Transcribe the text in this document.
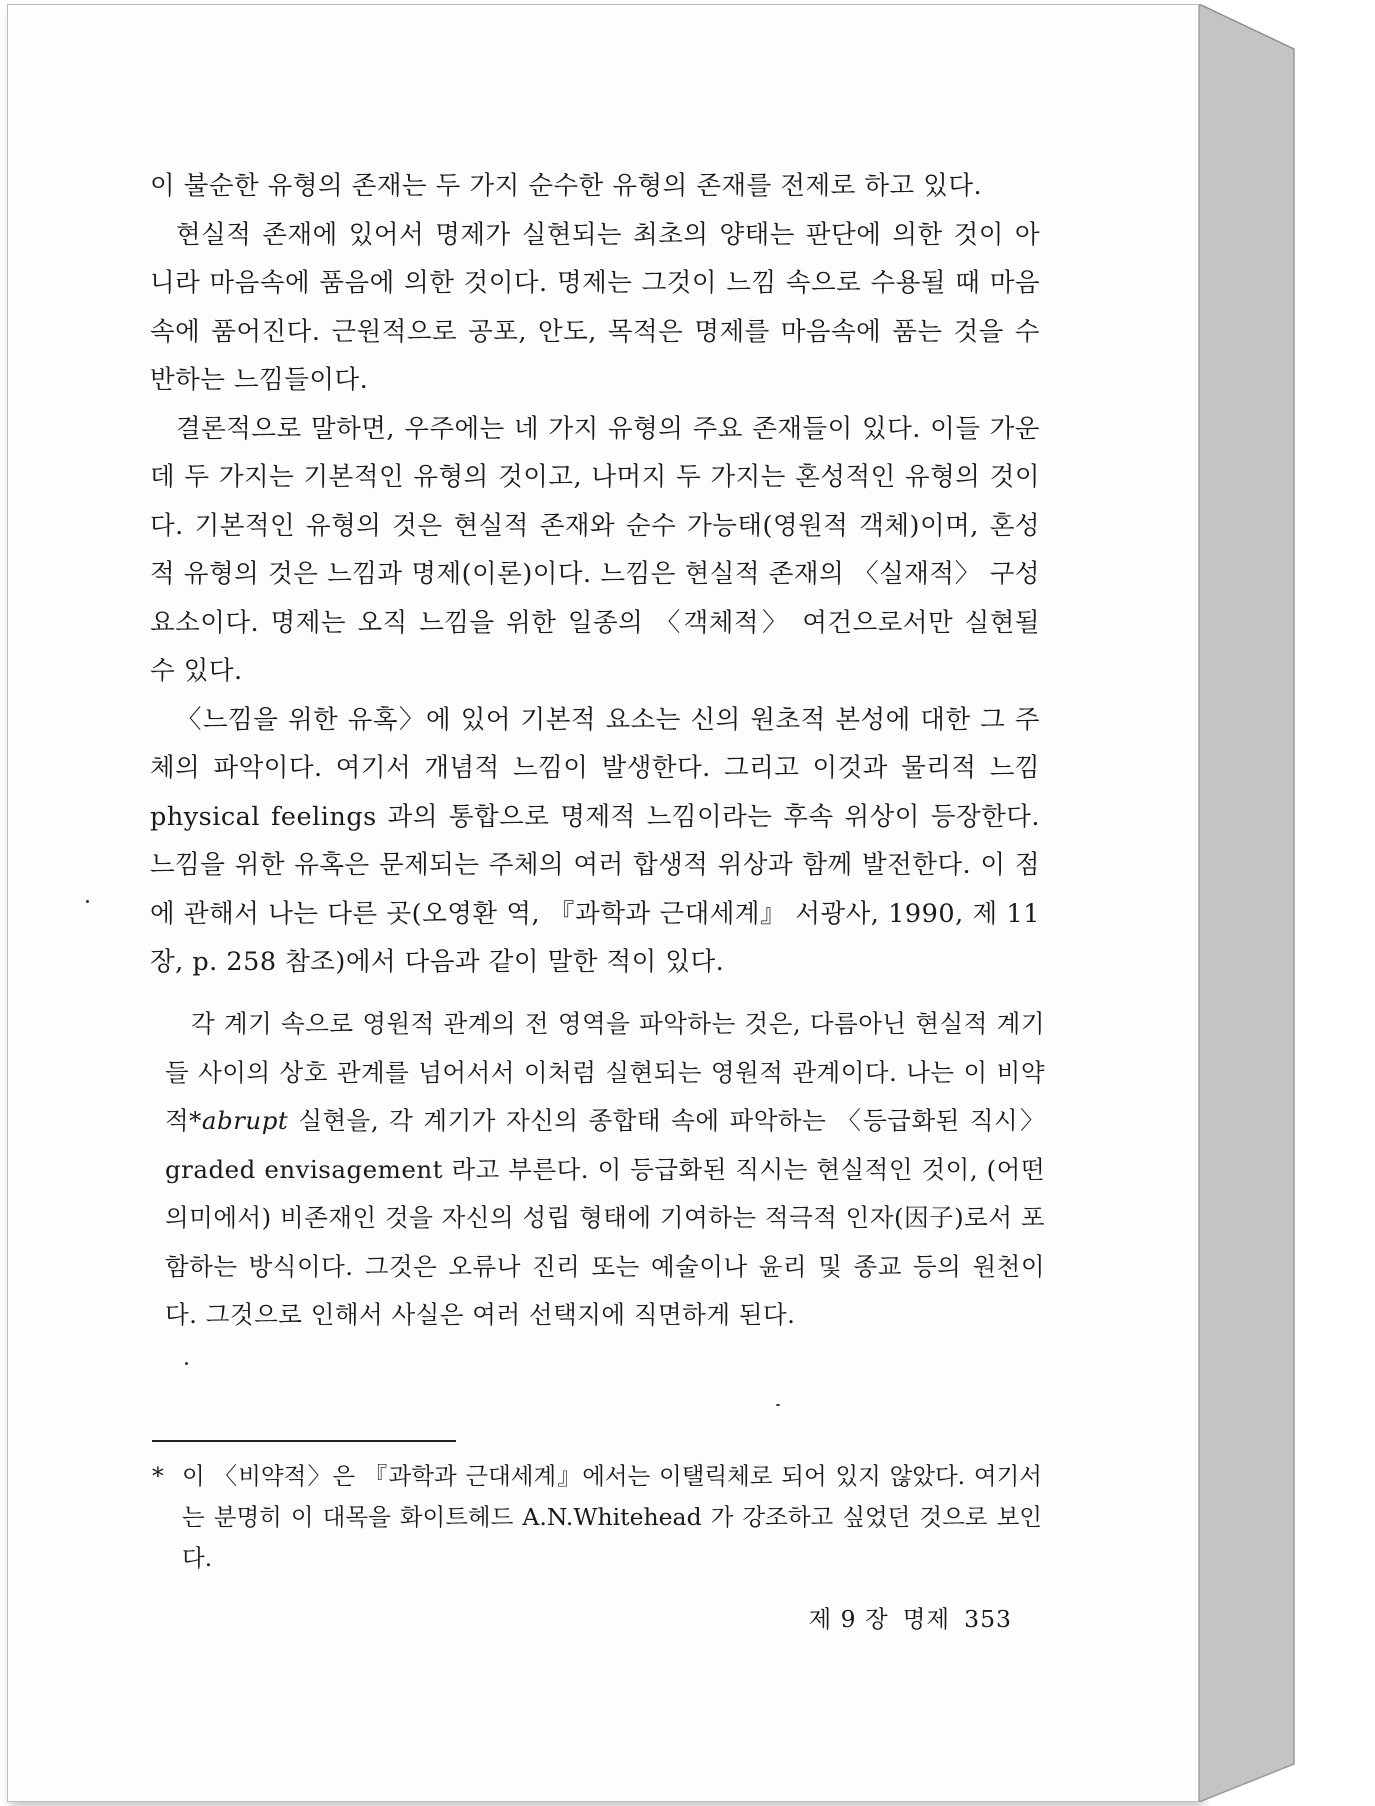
이 불순한 유형의 존재는 두 가지 순수한 유형의 존재를 전제로 하고 있다.

현실적 존재에 있어서 명제가 실현되는 최초의 양태는 판단에 의한 것이 아니라 마음속에 품음에 의한 것이다. 명제는 그것이 느낌 속으로 수용될 때 마음속에 품어진다. 근원적으로 공포, 안도, 목적은 명제를 마음속에 품는 것을 수반하는 느낌들이다.

결론적으로 말하면, 우주에는 네 가지 유형의 주요 존재들이 있다. 이들 가운데 두 가지는 기본적인 유형의 것이고, 나머지 두 가지는 혼성적인 유형의 것이다. 기본적인 유형의 것은 현실적 존재와 순수 가능태(영원적 객체)이며, 혼성적 유형의 것은 느낌과 명제(이론)이다. 느낌은 현실적 존재의 〈실재적〉 구성 요소이다. 명제는 오직 느낌을 위한 일종의 〈객체적〉 여건으로서만 실현될 수 있다.

〈느낌을 위한 유혹〉에 있어 기본적 요소는 신의 원초적 본성에 대한 그 주체의 파악이다. 여기서 개념적 느낌이 발생한다. 그리고 이것과 물리적 느낌 physical feelings 과의 통합으로 명제적 느낌이라는 후속 위상이 등장한다. 느낌을 위한 유혹은 문제되는 주체의 여러 합생적 위상과 함께 발전한다. 이 점에 관해서 나는 다른 곳(오영환 역, 『과학과 근대세계』 서광사, 1990, 제 11 장, p. 258 참조)에서 다음과 같이 말한 적이 있다.

각 계기 속으로 영원적 관계의 전 영역을 파악하는 것은, 다름아닌 현실적 계기들 사이의 상호 관계를 넘어서서 이처럼 실현되는 영원적 관계이다. 나는 이 비약적*abrupt 실현을, 각 계기가 자신의 종합태 속에 파악하는 〈등급화된 직시〉 graded envisagement 라고 부른다. 이 등급화된 직시는 현실적인 것이, (어떤 의미에서) 비존재인 것을 자신의 성립 형태에 기여하는 적극적 인자(因子)로서 포함하는 방식이다. 그것은 오류나 진리 또는 예술이나 윤리 및 종교 등의 원천이다. 그것으로 인해서 사실은 여러 선택지에 직면하게 된다.

* 이 〈비약적〉은 『과학과 근대세계』에서는 이탤릭체로 되어 있지 않았다. 여기서는 분명히 이 대목을 화이트헤드 A.N.Whitehead 가 강조하고 싶었던 것으로 보인다.
제 9 장 명제 353
